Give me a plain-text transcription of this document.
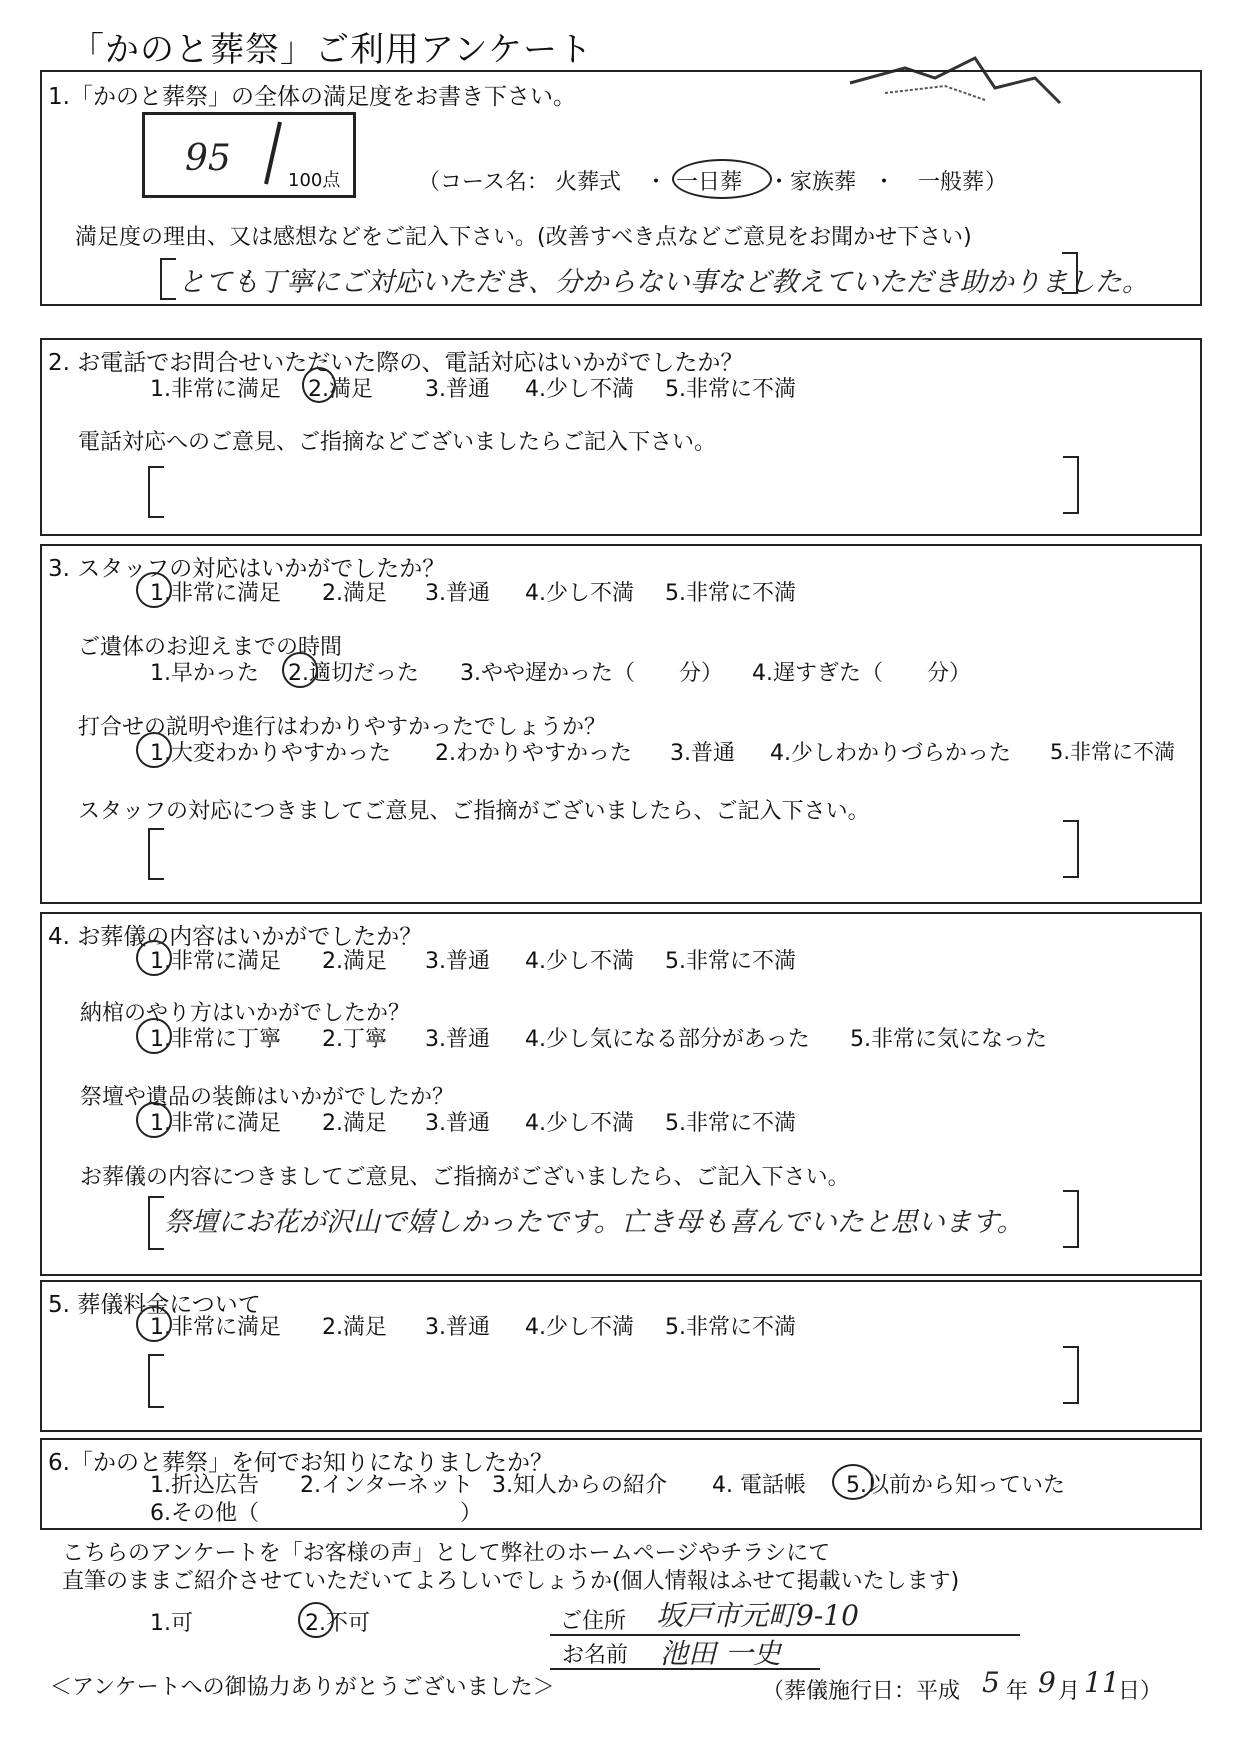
「かのと葬祭」ご利用アンケート
1.「かのと葬祭」の全体の満足度をお書き下さい。
95
100点	（コース名： 火葬式 ・ 一日葬 ・ 家族葬 ・ 一般葬 ）
満足度の理由、又は感想などをご記入下さい。(改善すべき点などご意見をお聞かせ下さい)
とても丁寧にご対応いただき、分からない事など教えていただき助かりました。
2. お電話でお問合せいただいた際の、電話対応はいかがでしたか？
1.非常に満足 2.満足 3.普通 4.少し不満 5.非常に不満
電話対応へのご意見、ご指摘などございましたらご記入下さい。
3. スタッフの対応はいかがでしたか？
1.非常に満足 2.満足 3.普通 4.少し不満 5.非常に不満
ご遺体のお迎えまでの時間
1.早かった 2.適切だった 3.やや遅かった（　　分） 4.遅すぎた（　　分）
打合せの説明や進行はわかりやすかったでしょうか？
1.大変わかりやすかった 2.わかりやすかった 3.普通 4.少しわかりづらかった 5.非常に不満
スタッフの対応につきましてご意見、ご指摘がございましたら、ご記入下さい。
4. お葬儀の内容はいかがでしたか？
1.非常に満足 2.満足 3.普通 4.少し不満 5.非常に不満
納棺のやり方はいかがでしたか？
1.非常に丁寧 2.丁寧 3.普通 4.少し気になる部分があった 5.非常に気になった
祭壇や遺品の装飾はいかがでしたか？
1.非常に満足 2.満足 3.普通 4.少し不満 5.非常に不満
お葬儀の内容につきましてご意見、ご指摘がございましたら、ご記入下さい。
祭壇にお花が沢山で嬉しかったです。亡き母も喜んでいたと思います。
5. 葬儀料金について
1.非常に満足 2.満足 3.普通 4.少し不満 5.非常に不満
6.「かのと葬祭」を何でお知りになりましたか？
1.折込広告 2.インターネット 3.知人からの紹介 4. 電話帳 5.以前から知っていた
6.その他（	）
こちらのアンケートを「お客様の声」として弊社のホームページやチラシにて
直筆のままご紹介させていただいてよろしいでしょうか(個人情報はふせて掲載いたします)
1.可	2.不可	ご住所 坂戸市元町9-10
お名前 池田 一史
＜アンケートへの御協力ありがとうございました＞	（葬儀施行日：平成 5 年 9 月 11
日）
